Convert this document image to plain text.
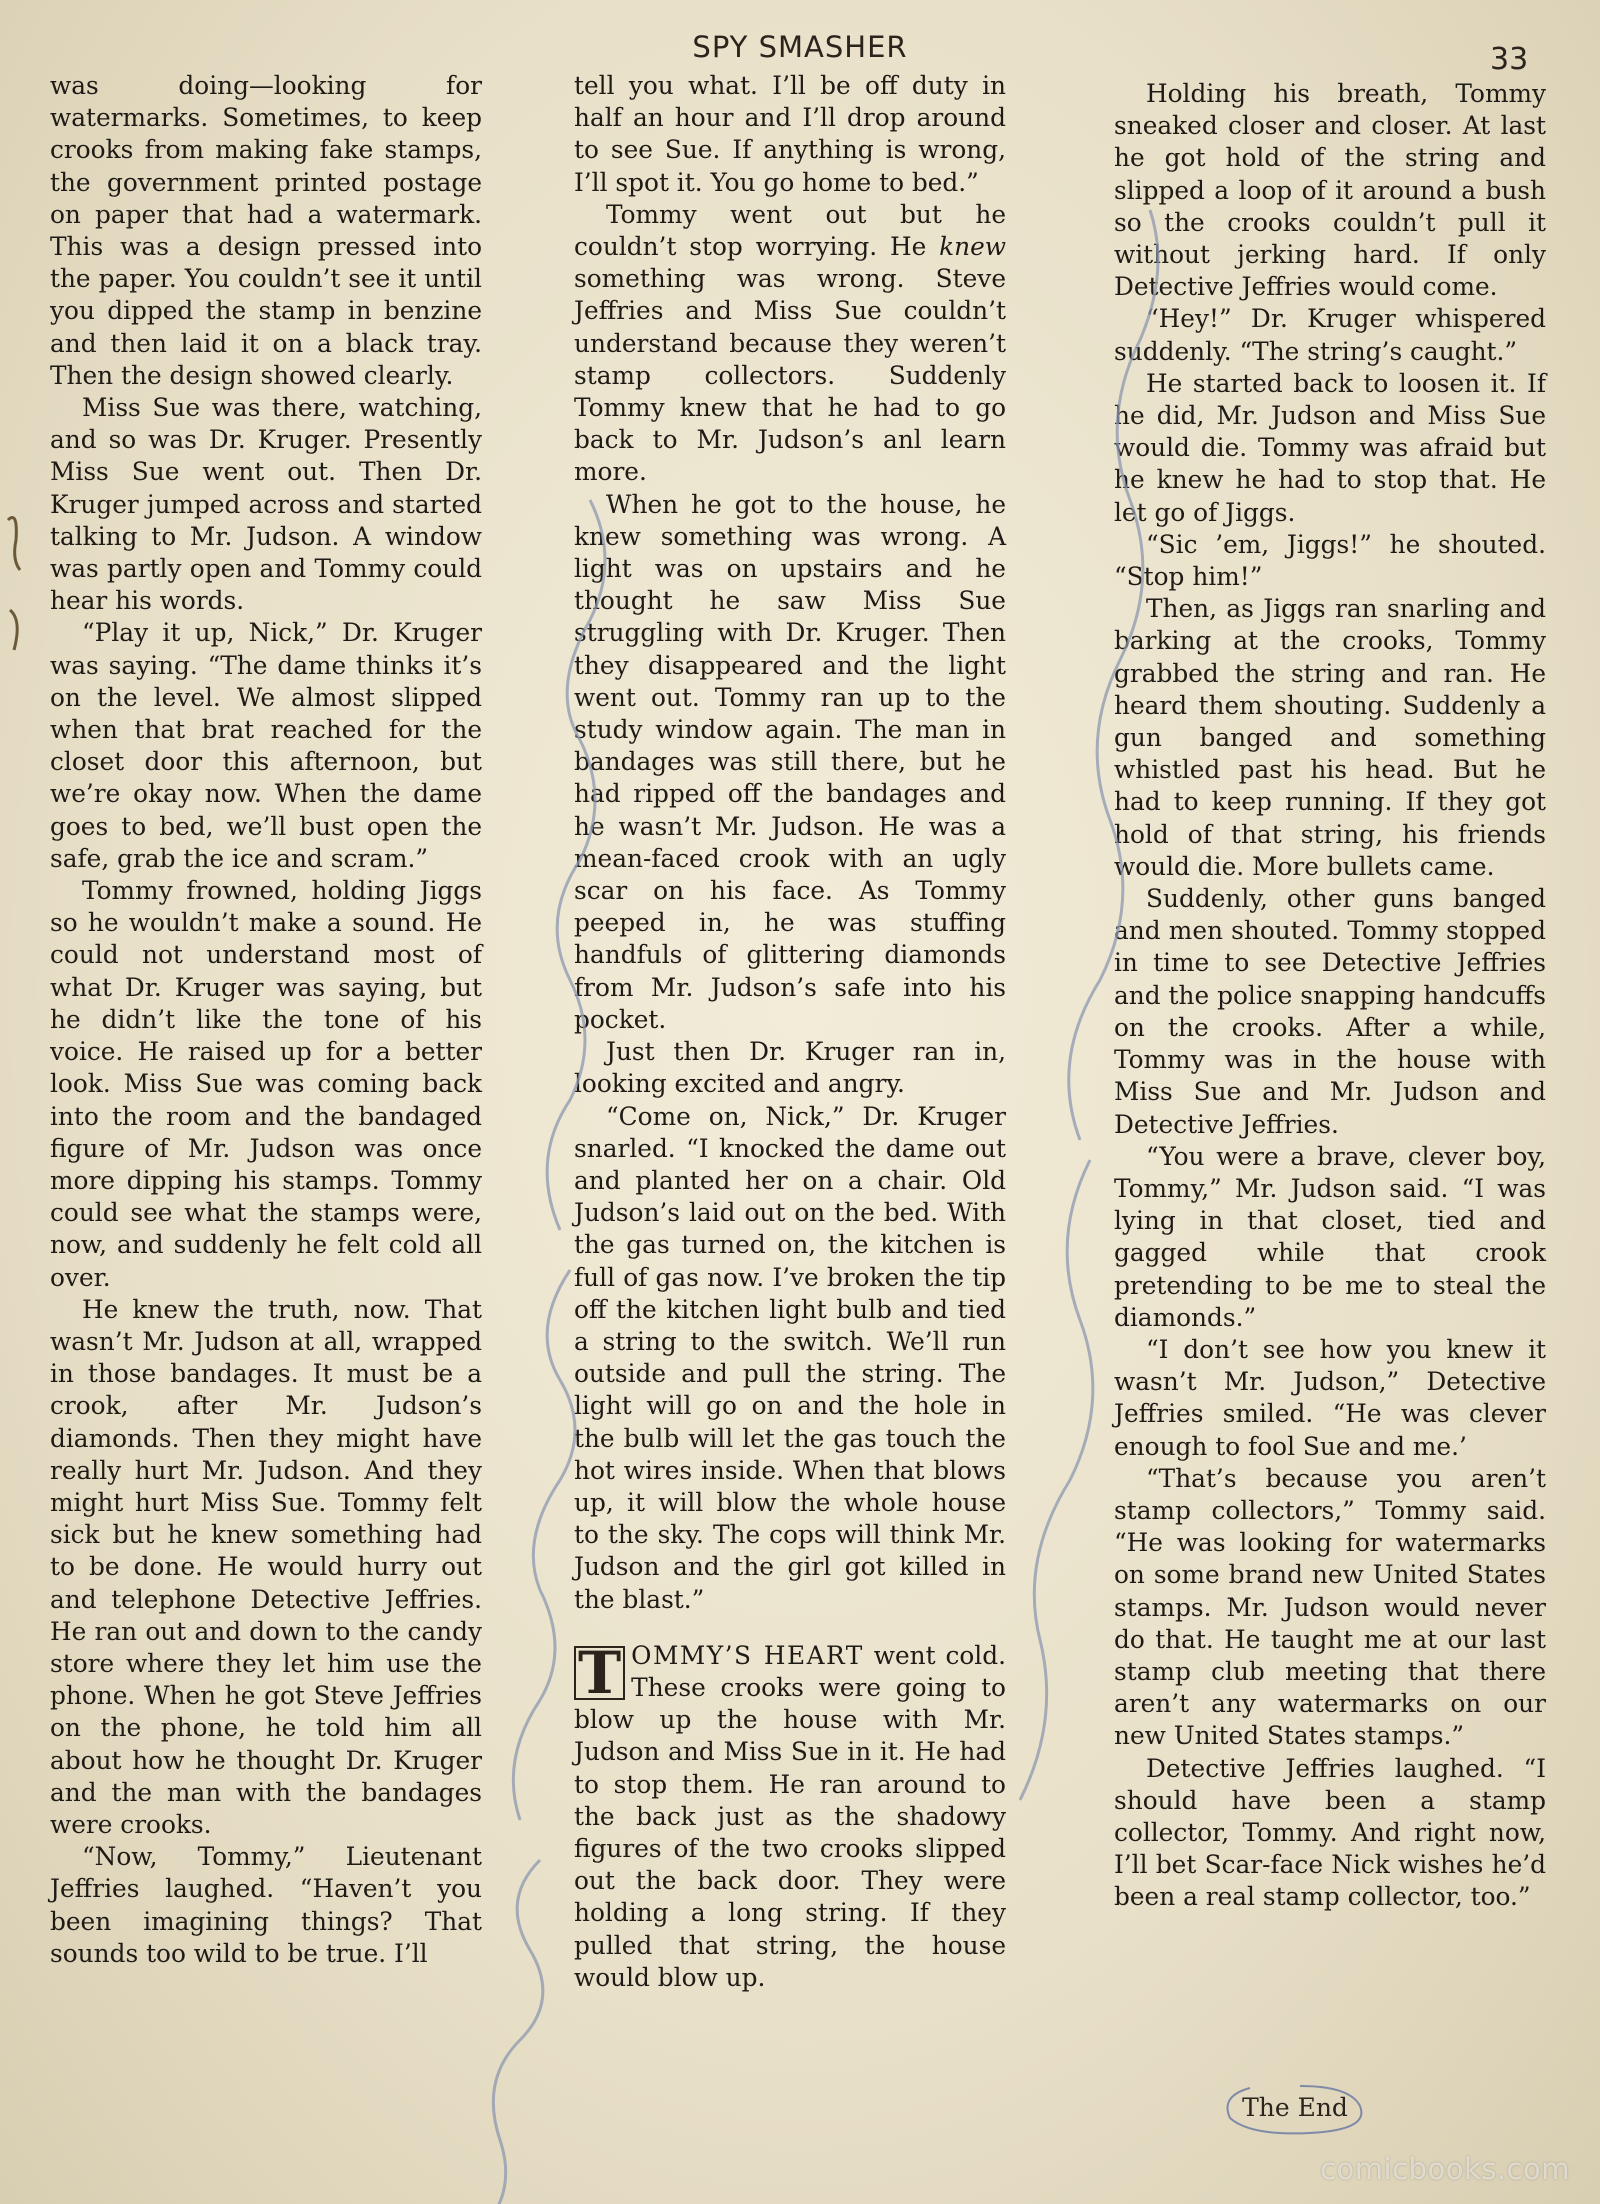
SPY SMASHER	33

was doing—looking for watermarks. Sometimes, to keep crooks from making fake stamps, the government printed postage on paper that had a watermark. This was a design pressed into the paper. You couldn’t see it until you dipped the stamp in benzine and then laid it on a black tray. Then the design showed clearly.

Miss Sue was there, watching, and so was Dr. Kruger. Presently Miss Sue went out. Then Dr. Kruger jumped across and started talking to Mr. Judson. A window was partly open and Tommy could hear his words.

“Play it up, Nick,” Dr. Kruger was saying. “The dame thinks it’s on the level. We almost slipped when that brat reached for the closet door this afternoon, but we’re okay now. When the dame goes to bed, we’ll bust open the safe, grab the ice and scram.”

Tommy frowned, holding Jiggs so he wouldn’t make a sound. He could not understand most of what Dr. Kruger was saying, but he didn’t like the tone of his voice. He raised up for a better look. Miss Sue was coming back into the room and the bandaged figure of Mr. Judson was once more dipping his stamps. Tommy could see what the stamps were, now, and suddenly he felt cold all over.

He knew the truth, now. That wasn’t Mr. Judson at all, wrapped in those bandages. It must be a crook, after Mr. Judson’s diamonds. Then they might have really hurt Mr. Judson. And they might hurt Miss Sue. Tommy felt sick but he knew something had to be done. He would hurry out and telephone Detective Jeffries. He ran out and down to the candy store where they let him use the phone. When he got Steve Jeffries on the phone, he told him all about how he thought Dr. Kruger and the man with the bandages were crooks.

“Now, Tommy,” Lieutenant Jeffries laughed. “Haven’t you been imagining things? That sounds too wild to be true. I’ll

tell you what. I’ll be off duty in half an hour and I’ll drop around to see Sue. If anything is wrong, I’ll spot it. You go home to bed.”

Tommy went out but he couldn’t stop worrying. He knew something was wrong. Steve Jeffries and Miss Sue couldn’t understand because they weren’t stamp collectors. Suddenly Tommy knew that he had to go back to Mr. Judson’s anl learn more.

When he got to the house, he knew something was wrong. A light was on upstairs and he thought he saw Miss Sue struggling with Dr. Kruger. Then they disappeared and the light went out. Tommy ran up to the study window again. The man in bandages was still there, but he had ripped off the bandages and he wasn’t Mr. Judson. He was a mean-faced crook with an ugly scar on his face. As Tommy peeped in, he was stuffing handfuls of glittering diamonds from Mr. Judson’s safe into his pocket.

Just then Dr. Kruger ran in, looking excited and angry.

“Come on, Nick,” Dr. Kruger snarled. “I knocked the dame out and planted her on a chair. Old Judson’s laid out on the bed. With the gas turned on, the kitchen is full of gas now. I’ve broken the tip off the kitchen light bulb and tied a string to the switch. We’ll run outside and pull the string. The light will go on and the hole in the bulb will let the gas touch the hot wires inside. When that blows up, it will blow the whole house to the sky. The cops will think Mr. Judson and the girl got killed in the blast.”

T OMMY’S HEART went cold. These crooks were going to blow up the house with Mr. Judson and Miss Sue in it. He had to stop them. He ran around to the back just as the shadowy figures of the two crooks slipped out the back door. They were holding a long string. If they pulled that string, the house would blow up.

Holding his breath, Tommy sneaked closer and closer. At last he got hold of the string and slipped a loop of it around a bush so the crooks couldn’t pull it without jerking hard. If only Detective Jeffries would come.

“Hey!” Dr. Kruger whispered suddenly. “The string’s caught.”

He started back to loosen it. If he did, Mr. Judson and Miss Sue would die. Tommy was afraid but he knew he had to stop that. He let go of Jiggs.

“Sic ’em, Jiggs!” he shouted. “Stop him!”

Then, as Jiggs ran snarling and barking at the crooks, Tommy grabbed the string and ran. He heard them shouting. Suddenly a gun banged and something whistled past his head. But he had to keep running. If they got hold of that string, his friends would die. More bullets came.

Suddenly, other guns banged and men shouted. Tommy stopped in time to see Detective Jeffries and the police snapping handcuffs on the crooks. After a while, Tommy was in the house with Miss Sue and Mr. Judson and Detective Jeffries.

“You were a brave, clever boy, Tommy,” Mr. Judson said. “I was lying in that closet, tied and gagged while that crook pretending to be me to steal the diamonds.”

“I don’t see how you knew it wasn’t Mr. Judson,” Detective Jeffries smiled. “He was clever enough to fool Sue and me.’

“That’s because you aren’t stamp collectors,” Tommy said. “He was looking for watermarks on some brand new United States stamps. Mr. Judson would never do that. He taught me at our last stamp club meeting that there aren’t any watermarks on our new United States stamps.”

Detective Jeffries laughed. “I should have been a stamp collector, Tommy. And right now, I’ll bet Scar-face Nick wishes he’d been a real stamp collector, too.”

The End
comicbooks.com
